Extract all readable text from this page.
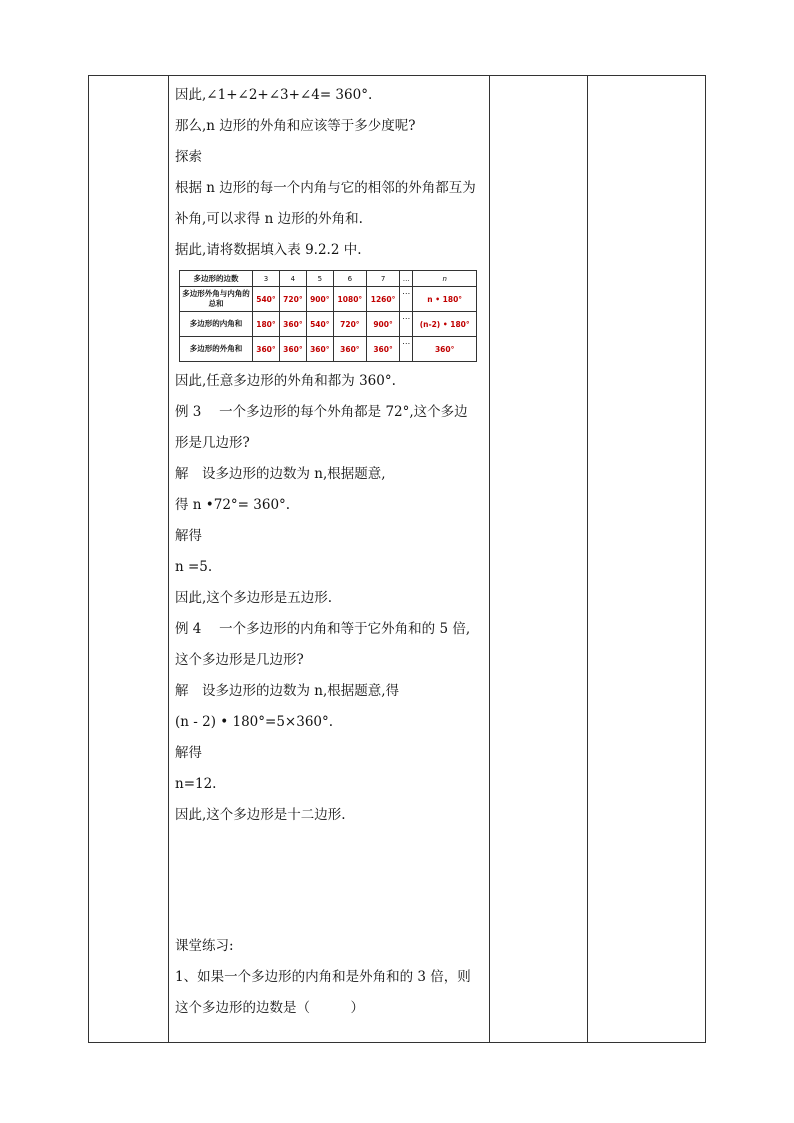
因此,∠1+∠2+∠3+∠4= 360°.
那么,n 边形的外角和应该等于多少度呢?
探索
根据 n 边形的每一个内角与它的相邻的外角都互为
补角,可以求得 n 边形的外角和.
据此,请将数据填入表 9.2.2 中.
多边形的边数	3	4	5	6	7	…	n
多边形外角与内角的总和	540°	720°	900°	1080°	1260°	…	n • 180°
多边形的内角和	180°	360°	540°	720°	900°	…	(n-2) • 180°
多边形的外角和	360°	360°	360°	360°	360°	…	360°
因此,任意多边形的外角和都为 360°.
例 3　 一个多边形的每个外角都是 72°,这个多边
形是几边形?
解　设多边形的边数为 n,根据题意,
得 n •72°= 360°.
解得
n =5.
因此,这个多边形是五边形.
例 4　 一个多边形的内角和等于它外角和的 5 倍,
这个多边形是几边形?
解　设多边形的边数为 n,根据题意,得
(n - 2) • 180°=5×360°.
解得
n=12.
因此,这个多边形是十二边形.
课堂练习:
1、如果一个多边形的内角和是外角和的 3 倍，则
这个多边形的边数是（　　　）
